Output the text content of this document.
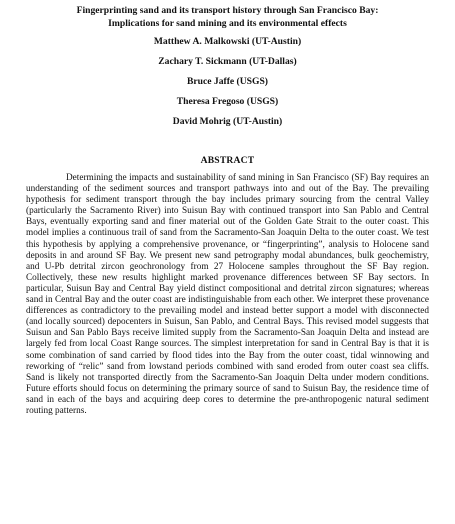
Fingerprinting sand and its transport history through San Francisco Bay:

Implications for sand mining and its environmental effects

Matthew A. Malkowski (UT-Austin)

Zachary T. Sickmann (UT-Dallas)

Bruce Jaffe (USGS)

Theresa Fregoso (USGS)

David Mohrig (UT-Austin)

ABSTRACT

Determining the impacts and sustainability of sand mining in San Francisco (SF) Bay requires an understanding of the sediment sources and transport pathways into and out of the Bay. The prevailing hypothesis for sediment transport through the bay includes primary sourcing from the central Valley (particularly the Sacramento River) into Suisun Bay with continued transport into San Pablo and Central Bays, eventually exporting sand and finer material out of the Golden Gate Strait to the outer coast. This model implies a continuous trail of sand from the Sacramento-San Joaquin Delta to the outer coast. We test this hypothesis by applying a comprehensive provenance, or “fingerprinting”, analysis to Holocene sand deposits in and around SF Bay. We present new sand petrography modal abundances, bulk geochemistry, and U-Pb detrital zircon geochronology from 27 Holocene samples throughout the SF Bay region. Collectively, these new results highlight marked provenance differences between SF Bay sectors. In particular, Suisun Bay and Central Bay yield distinct compositional and detrital zircon signatures; whereas sand in Central Bay and the outer coast are indistinguishable from each other. We interpret these provenance differences as contradictory to the prevailing model and instead better support a model with disconnected (and locally sourced) depocenters in Suisun, San Pablo, and Central Bays. This revised model suggests that Suisun and San Pablo Bays receive limited supply from the Sacramento-San Joaquin Delta and instead are largely fed from local Coast Range sources. The simplest interpretation for sand in Central Bay is that it is some combination of sand carried by flood tides into the Bay from the outer coast, tidal winnowing and reworking of “relic” sand from lowstand periods combined with sand eroded from outer coast sea cliffs. Sand is likely not transported directly from the Sacramento-San Joaquin Delta under modern conditions. Future efforts should focus on determining the primary source of sand to Suisun Bay, the residence time of sand in each of the bays and acquiring deep cores to determine the pre-anthropogenic natural sediment routing patterns.
